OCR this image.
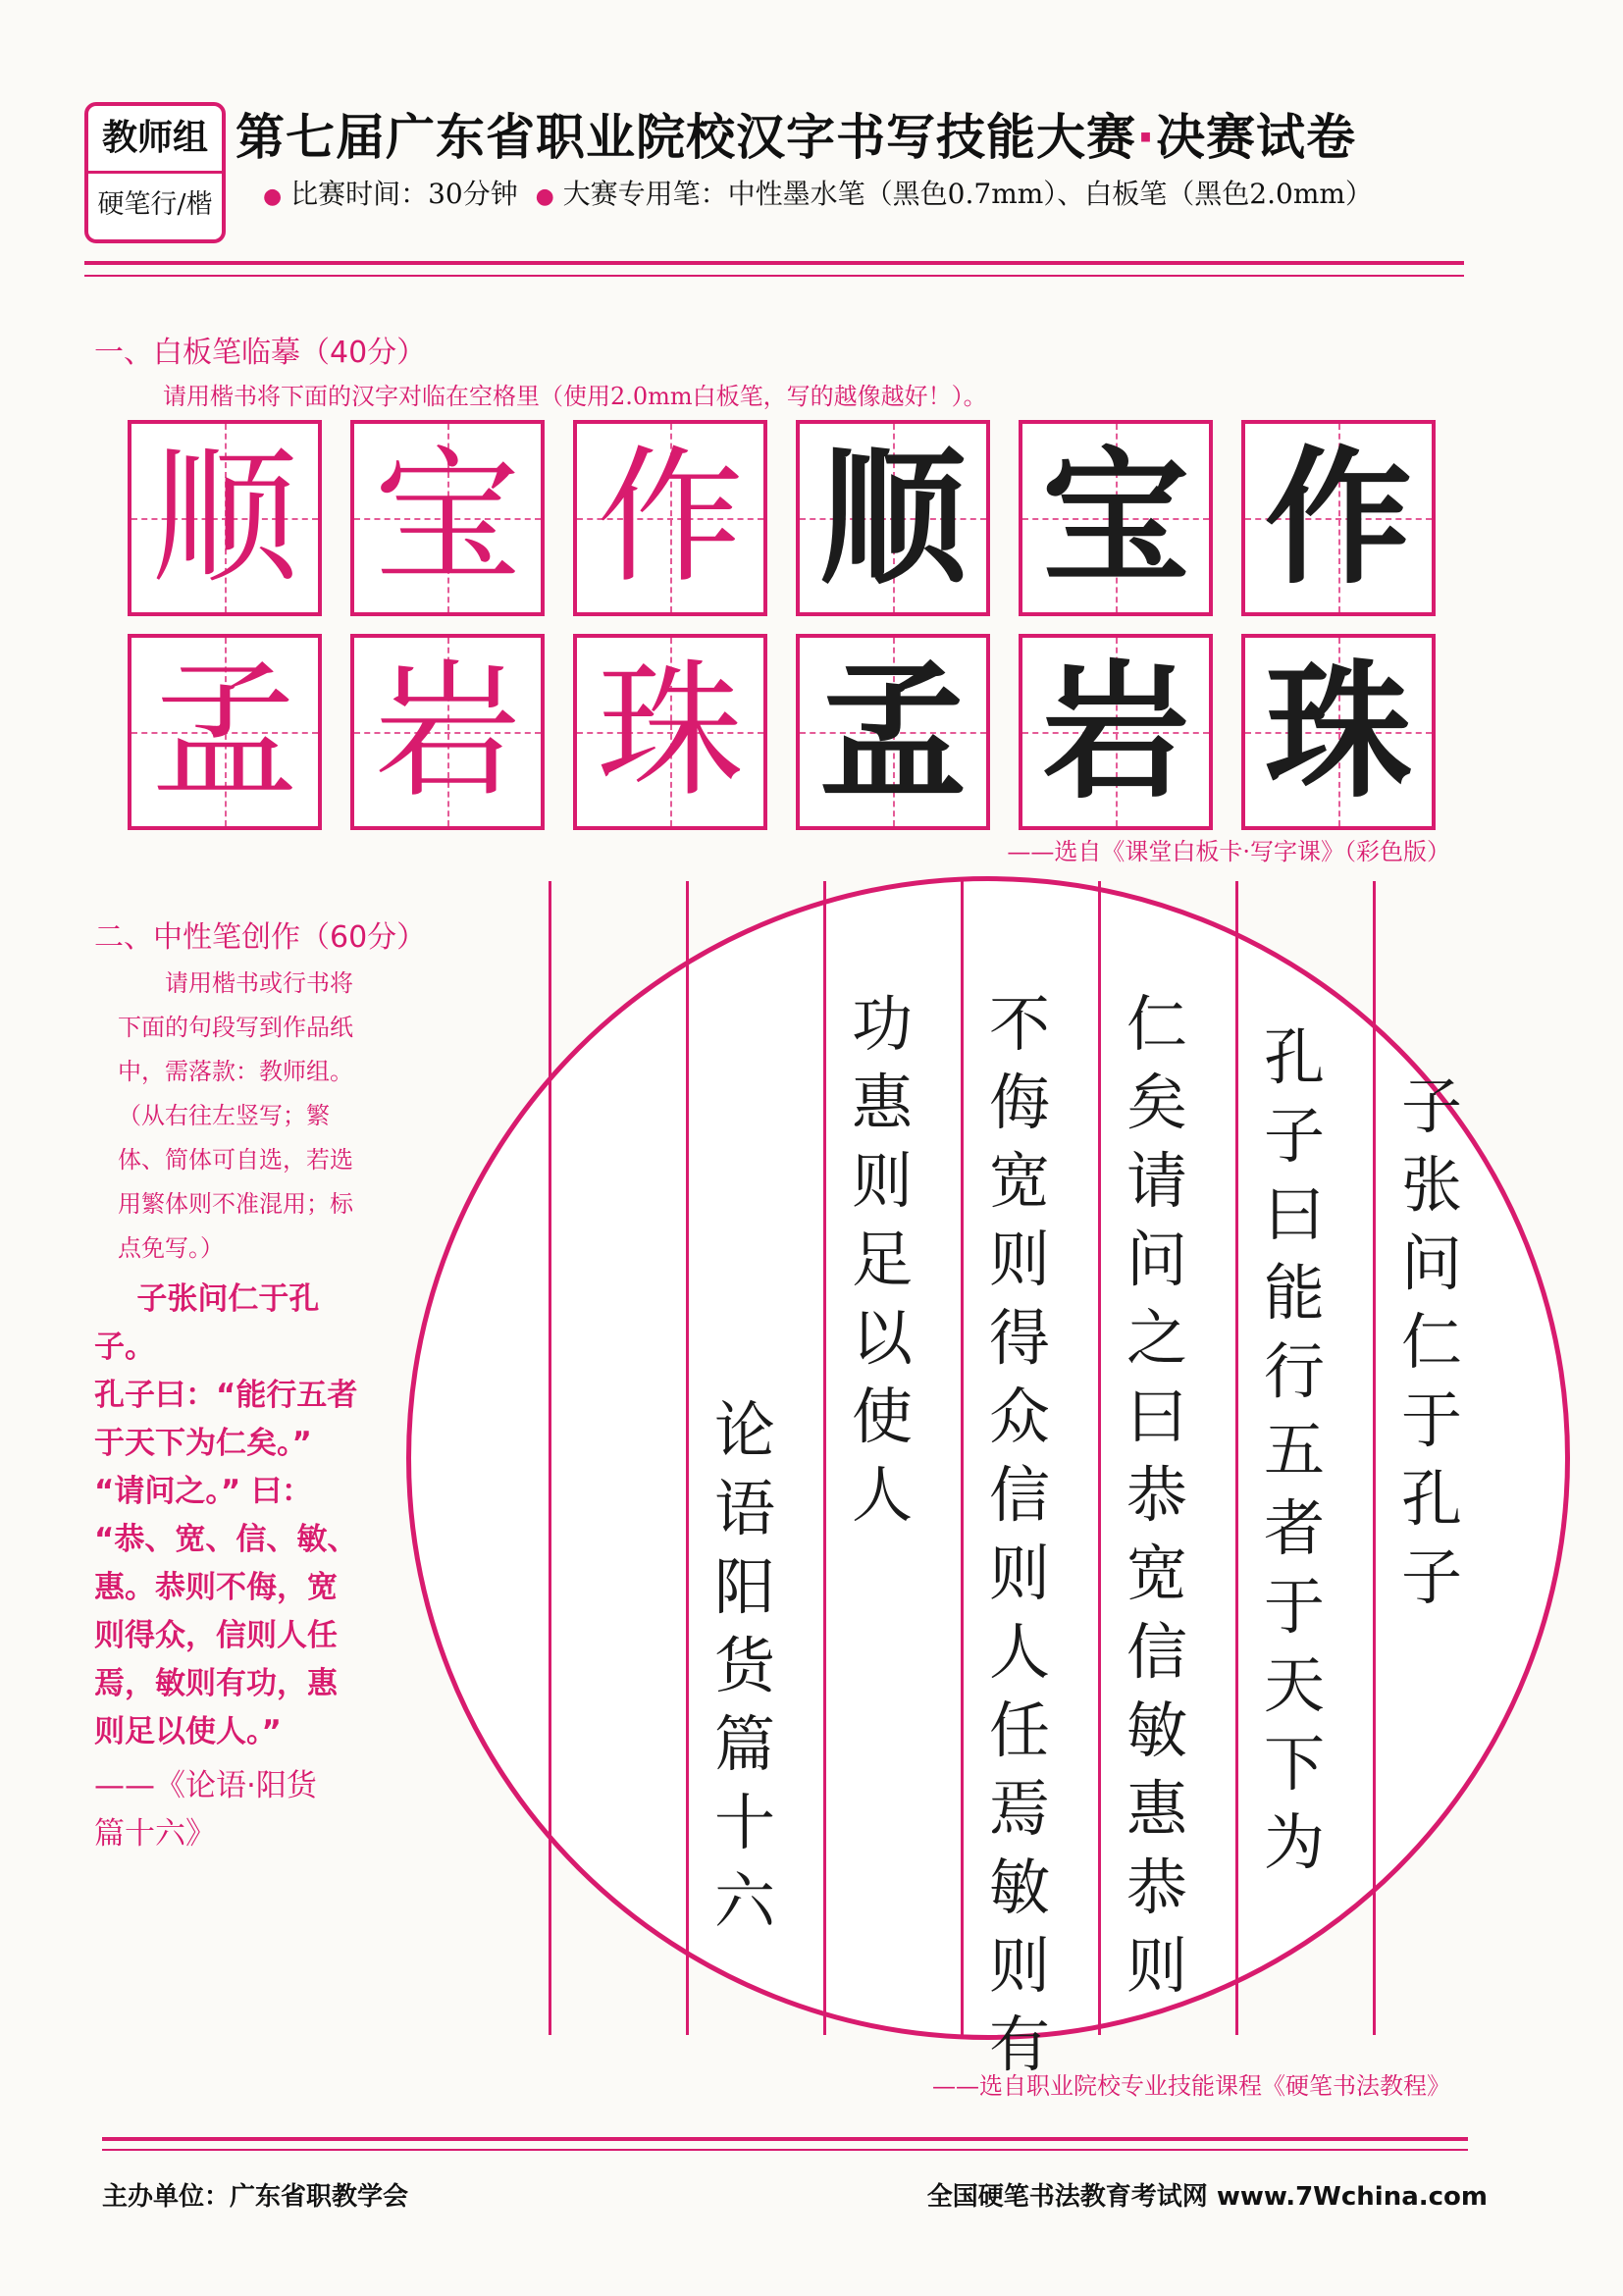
教师组
硬笔行/楷
第七届广东省职业院校汉字书写技能大赛·决赛试卷
● 比赛时间：30分钟 ● 大赛专用笔：中性墨水笔（黑色0.7mm）、白板笔（黑色2.0mm）
一、白板笔临摹（40分）
请用楷书将下面的汉字对临在空格里（使用2.0mm白板笔，写的越像越好！）。
顺 宝 作 顺 宝 作
孟 岩 珠 孟 岩 珠
——选自《课堂白板卡·写字课》（彩色版）
二、中性笔创作（60分）

请用楷书或行书将下面的句段写到作品纸中，需落款：教师组。（从右往左竖写；繁体、简体可自选，若选用繁体则不准混用；标点免写。）

子张问仁于孔子。

孔子曰：“能行五者

于天下为仁矣。”

“请问之。” 曰：

“恭、宽、信、敏、

惠。恭则不侮，宽

则得众，信则人任

焉，敏则有功，惠

则足以使人。”

——《论语·阳货

篇十六》

子张问仁于孔子
孔子曰能行五者于天下为
仁矣请问之曰恭宽信敏惠恭则
不侮宽则得众信则人任焉敏则有
功惠则足以使人
论语阳货篇十六
——选自职业院校专业技能课程《硬笔书法教程》
主办单位：广东省职教学会	全国硬笔书法教育考试网 www.7Wchina.com
